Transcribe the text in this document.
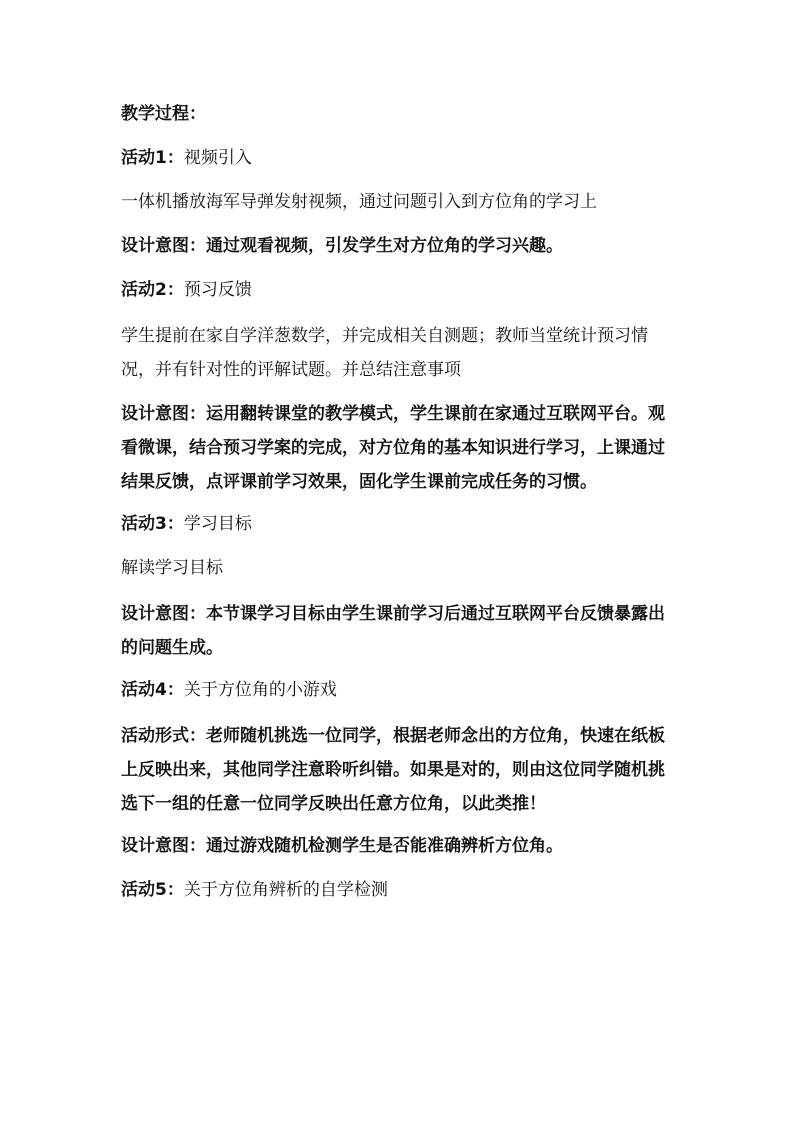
教学过程：
活动1：视频引入
一体机播放海军导弹发射视频，通过问题引入到方位角的学习上
设计意图：通过观看视频，引发学生对方位角的学习兴趣。
活动2：预习反馈
学生提前在家自学洋葱数学，并完成相关自测题；教师当堂统计预习情况，并有针对性的评解试题。并总结注意事项
设计意图：运用翻转课堂的教学模式，学生课前在家通过互联网平台。观看微课，结合预习学案的完成，对方位角的基本知识进行学习，上课通过结果反馈，点评课前学习效果，固化学生课前完成任务的习惯。
活动3：学习目标
解读学习目标
设计意图：本节课学习目标由学生课前学习后通过互联网平台反馈暴露出的问题生成。
活动4：关于方位角的小游戏
活动形式：老师随机挑选一位同学，根据老师念出的方位角，快速在纸板上反映出来，其他同学注意聆听纠错。如果是对的，则由这位同学随机挑选下一组的任意一位同学反映出任意方位角，以此类推！
设计意图：通过游戏随机检测学生是否能准确辨析方位角。
活动5：关于方位角辨析的自学检测
